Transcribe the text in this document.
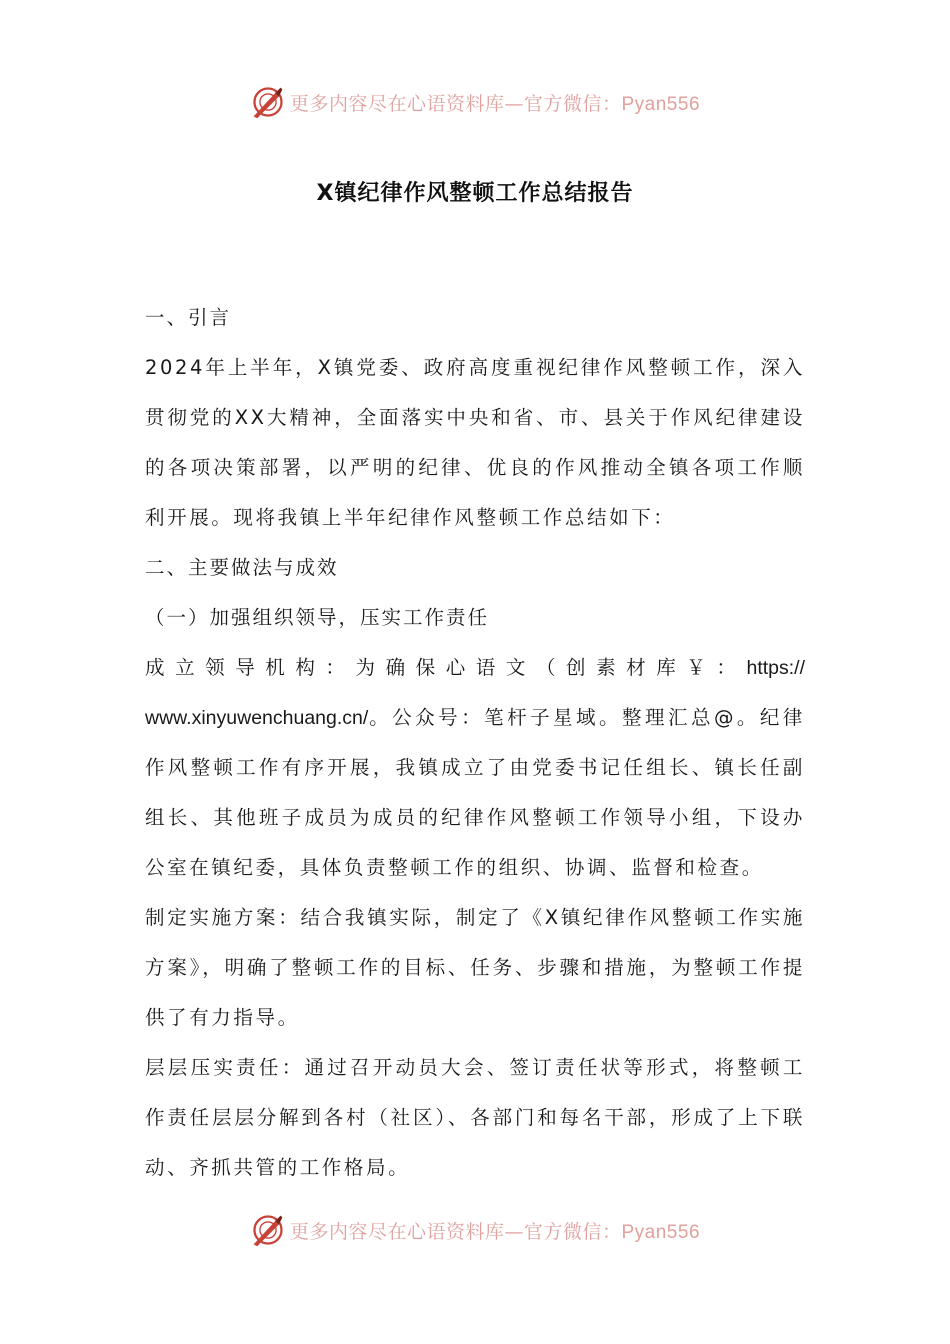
更多内容尽在心语资料库—官方微信：Pyan556
X镇纪律作风整顿工作总结报告

一、引言

2024年上半年，X镇党委、政府高度重视纪律作风整顿工作，深入贯彻党的XX大精神，全面落实中央和省、市、县关于作风纪律建设的各项决策部署，以严明的纪律、优良的作风推动全镇各项工作顺利开展。现将我镇上半年纪律作风整顿工作总结如下：

二、主要做法与成效

（一）加强组织领导，压实工作责任

成立领导机构：为确保心语文（创素材库￥：https://www.xinyuwenchuang.cn/。公众号：笔杆子星域。整理汇总@。纪律作风整顿工作有序开展，我镇成立了由党委书记任组长、镇长任副组长、其他班子成员为成员的纪律作风整顿工作领导小组，下设办公室在镇纪委，具体负责整顿工作的组织、协调、监督和检查。

制定实施方案：结合我镇实际，制定了《X镇纪律作风整顿工作实施方案》，明确了整顿工作的目标、任务、步骤和措施，为整顿工作提供了有力指导。

层层压实责任：通过召开动员大会、签订责任状等形式，将整顿工作责任层层分解到各村（社区）、各部门和每名干部，形成了上下联动、齐抓共管的工作格局。

更多内容尽在心语资料库—官方微信：Pyan556
